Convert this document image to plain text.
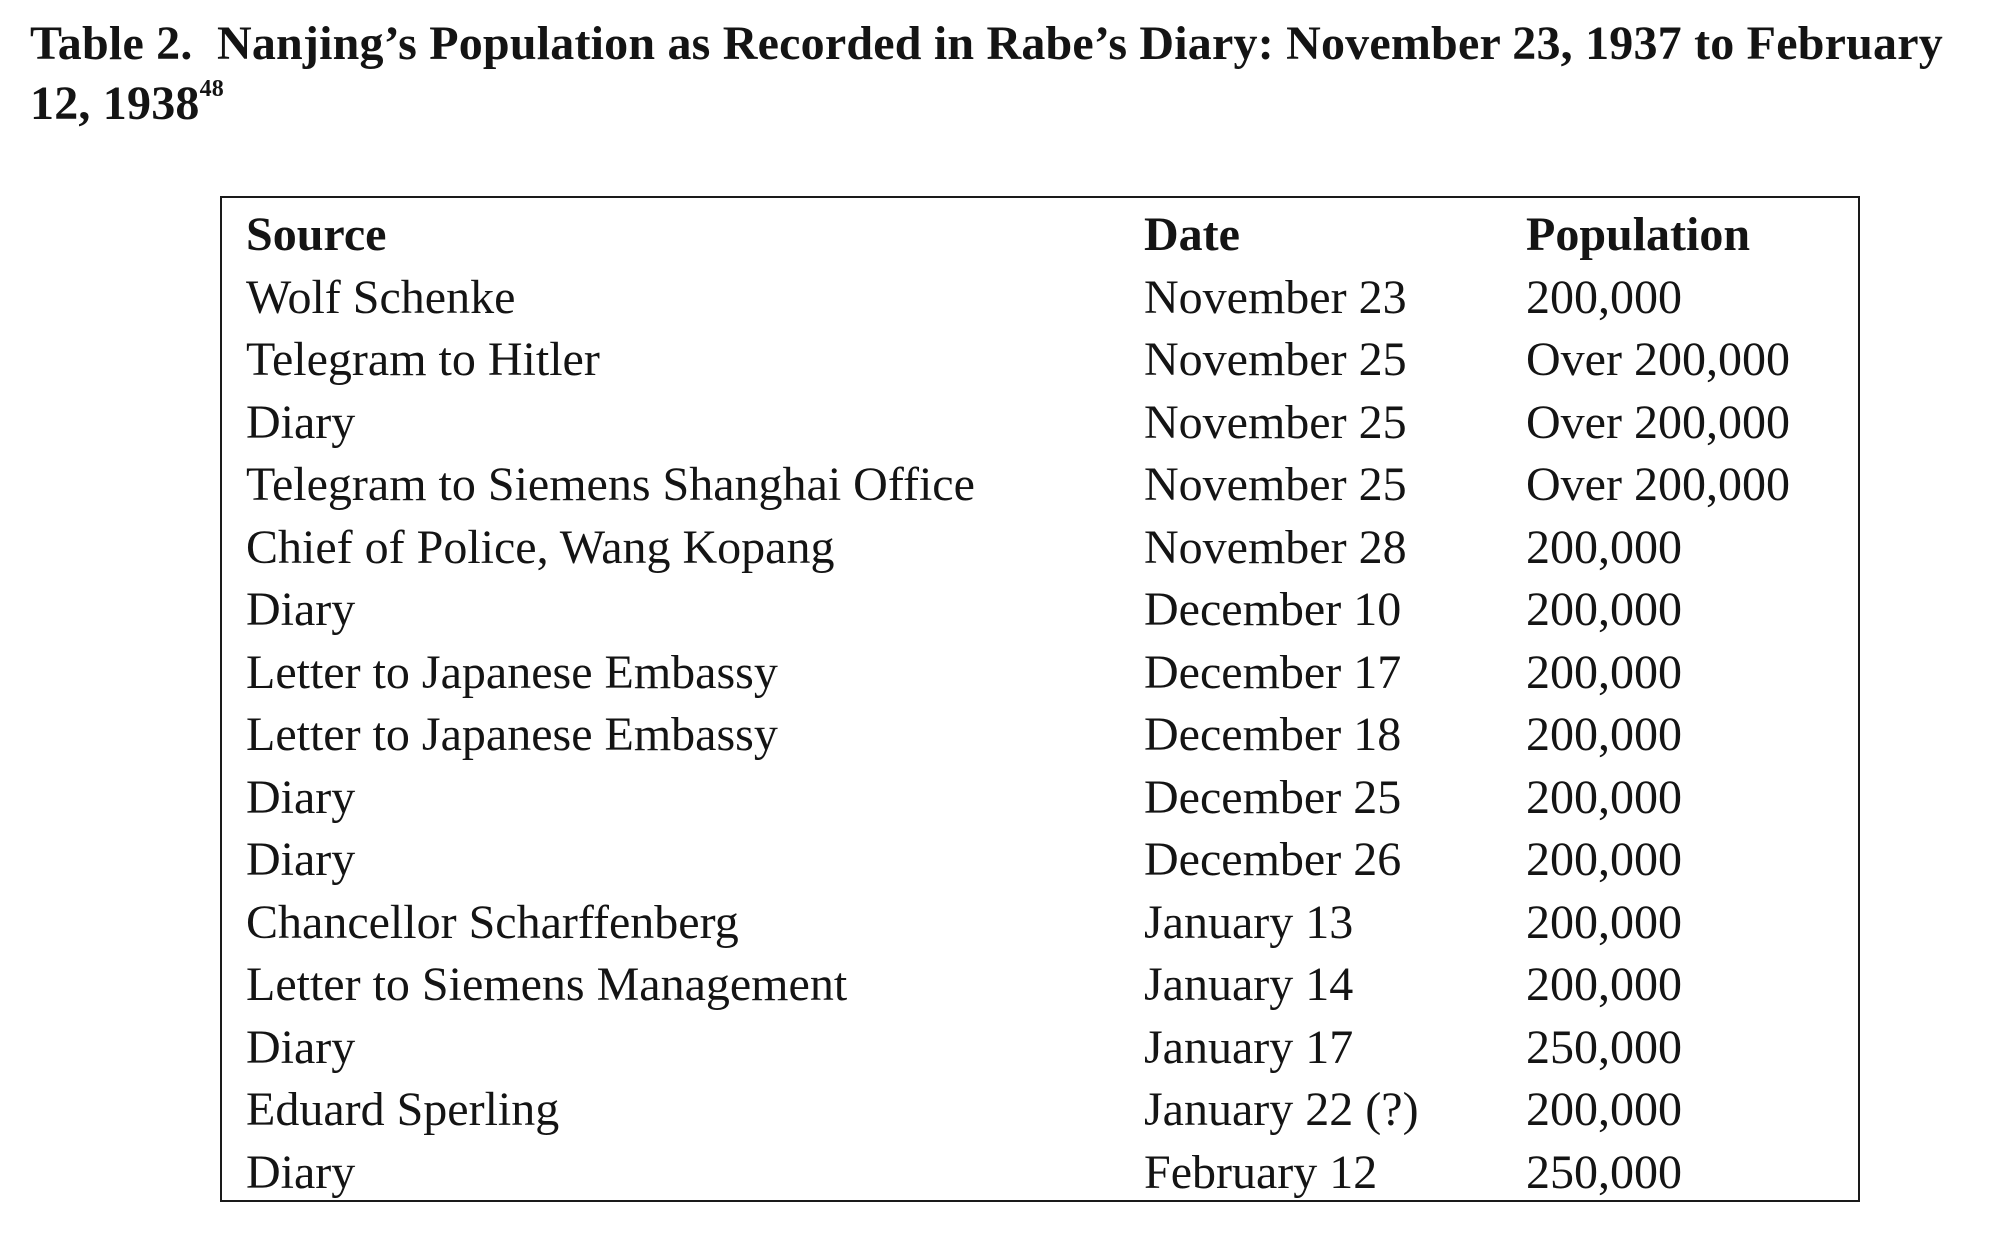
Table 2. Nanjing’s Population as Recorded in Rabe’s Diary: November 23, 1937 to February 12, 1938$^{48}$
Source	Date	Population
Wolf Schenke	November 23	200,000
Telegram to Hitler	November 25	Over 200,000
Diary	November 25	Over 200,000
Telegram to Siemens Shanghai Office	November 25	Over 200,000
Chief of Police, Wang Kopang	November 28	200,000
Diary	December 10	200,000
Letter to Japanese Embassy	December 17	200,000
Letter to Japanese Embassy	December 18	200,000
Diary	December 25	200,000
Diary	December 26	200,000
Chancellor Scharffenberg	January 13	200,000
Letter to Siemens Management	January 14	200,000
Diary	January 17	250,000
Eduard Sperling	January 22 (?)	200,000
Diary	February 12	250,000
